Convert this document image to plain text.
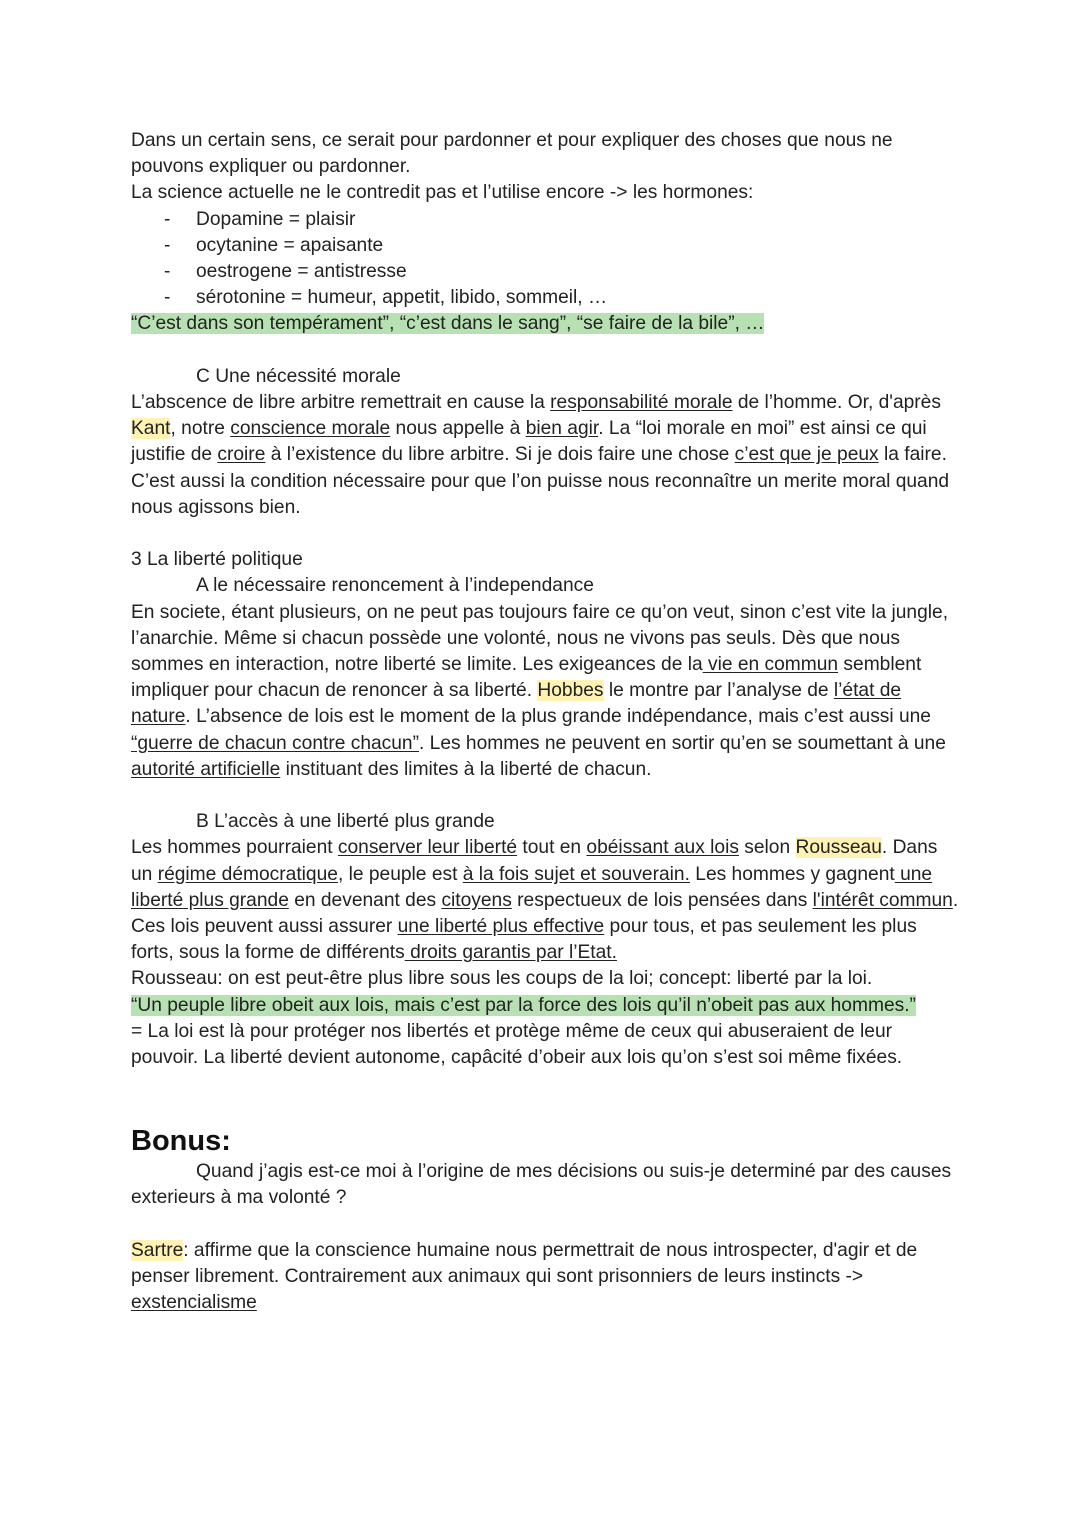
Dans un certain sens, ce serait pour pardonner et pour expliquer des choses que nous ne pouvons expliquer ou pardonner.

La science actuelle ne le contredit pas et l’utilise encore -> les hormones:

- Dopamine = plaisir
- ocytanine = apaisante
- oestrogene = antistresse
- sérotonine = humeur, appetit, libido, sommeil, …

“C’est dans son tempérament”, “c’est dans le sang”, “se faire de la bile”, …

C Une nécessité morale

L’abscence de libre arbitre remettrait en cause la responsabilité morale de l’homme. Or, d'après Kant, notre conscience morale nous appelle à bien agir. La “loi morale en moi” est ainsi ce qui justifie de croire à l’existence du libre arbitre. Si je dois faire une chose c’est que je peux la faire. C’est aussi la condition nécessaire pour que l’on puisse nous reconnaître un merite moral quand nous agissons bien.

3 La liberté politique

A le nécessaire renoncement à l’independance

En societe, étant plusieurs, on ne peut pas toujours faire ce qu’on veut, sinon c’est vite la jungle, l’anarchie. Même si chacun possède une volonté, nous ne vivons pas seuls. Dès que nous sommes en interaction, notre liberté se limite. Les exigeances de la vie en commun semblent impliquer pour chacun de renoncer à sa liberté. Hobbes le montre par l’analyse de l’état de nature. L’absence de lois est le moment de la plus grande indépendance, mais c’est aussi une “guerre de chacun contre chacun”. Les hommes ne peuvent en sortir qu’en se soumettant à une autorité artificielle instituant des limites à la liberté de chacun.

B L’accès à une liberté plus grande

Les hommes pourraient conserver leur liberté tout en obéissant aux lois selon Rousseau. Dans un régime démocratique, le peuple est à la fois sujet et souverain. Les hommes y gagnent une liberté plus grande en devenant des citoyens respectueux de lois pensées dans l'intérêt commun. Ces lois peuvent aussi assurer une liberté plus effective pour tous, et pas seulement les plus forts, sous la forme de différents droits garantis par l’Etat.

Rousseau: on est peut-être plus libre sous les coups de la loi; concept: liberté par la loi.

“Un peuple libre obeit aux lois, mais c’est par la force des lois qu’il n’obeit pas aux hommes.”

= La loi est là pour protéger nos libertés et protège même de ceux qui abuseraient de leur pouvoir. La liberté devient autonome, capâcité d’obeir aux lois qu’on s’est soi même fixées.

Bonus:

Quand j’agis est-ce moi à l’origine de mes décisions ou suis-je determiné par des causes exterieurs à ma volonté ?

Sartre: affirme que la conscience humaine nous permettrait de nous introspecter, d'agir et de penser librement. Contrairement aux animaux qui sont prisonniers de leurs instincts ->
exstencialisme
